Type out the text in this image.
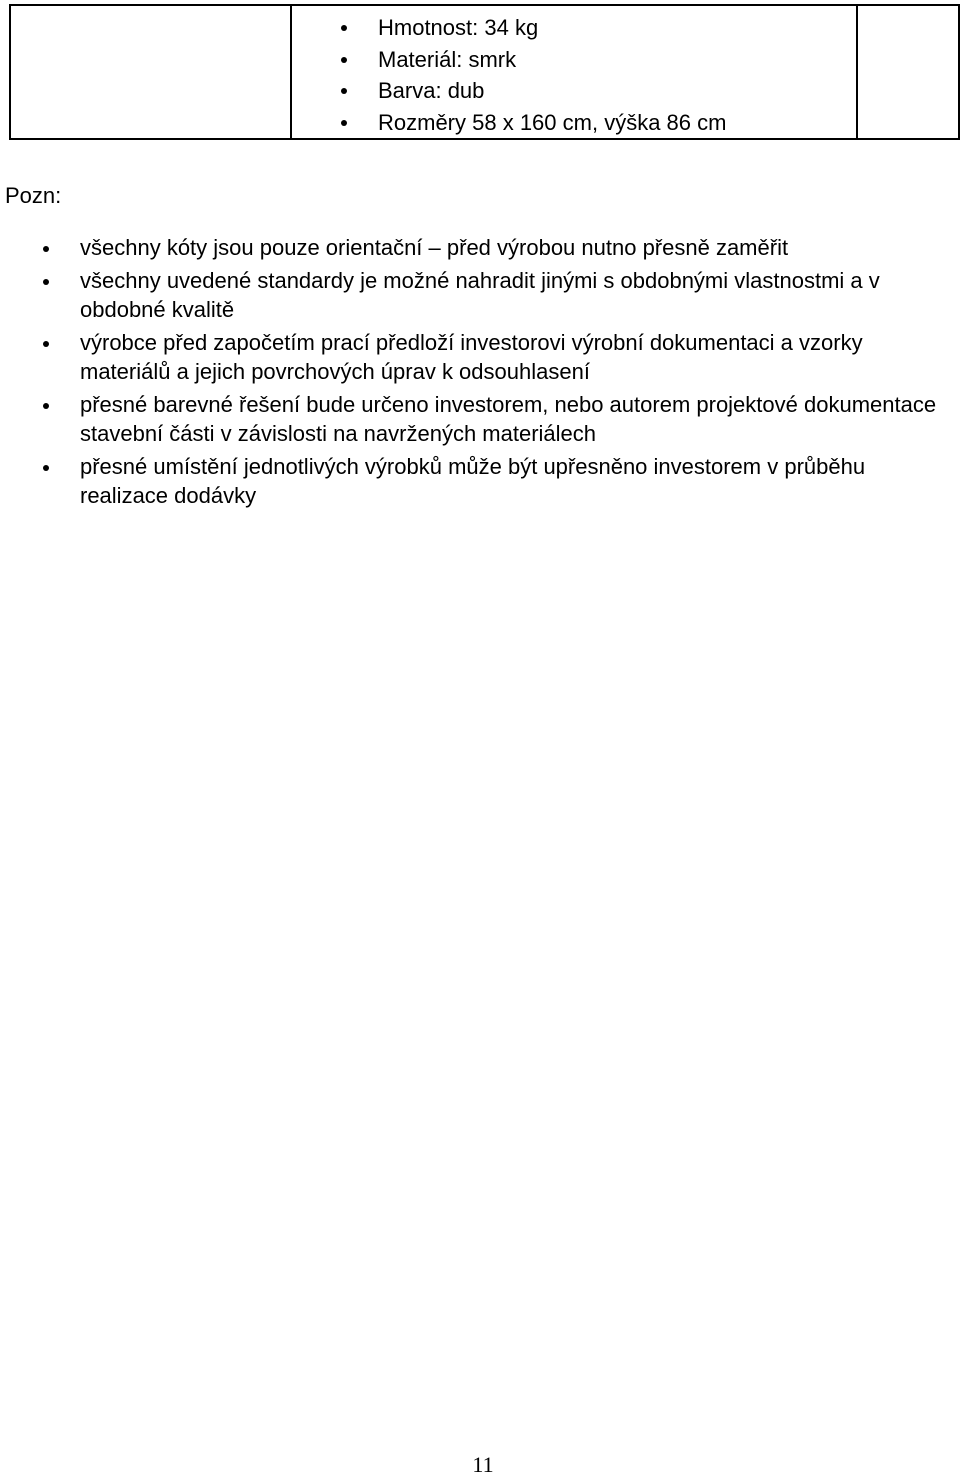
Hmotnost: 34 kg
Materiál: smrk
Barva: dub
Rozměry 58 x 160 cm, výška 86 cm

Pozn:

všechny kóty jsou pouze orientační – před výrobou nutno přesně zaměřit
všechny uvedené standardy je možné nahradit jinými s obdobnými vlastnostmi a v obdobné kvalitě
výrobce před započetím prací předloží investorovi výrobní dokumentaci a vzorky materiálů a jejich povrchových úprav k odsouhlasení
přesné barevné řešení bude určeno investorem, nebo autorem projektové dokumentace stavební části v závislosti na navržených materiálech
přesné umístění jednotlivých výrobků může být upřesněno investorem v průběhu realizace dodávky
11
